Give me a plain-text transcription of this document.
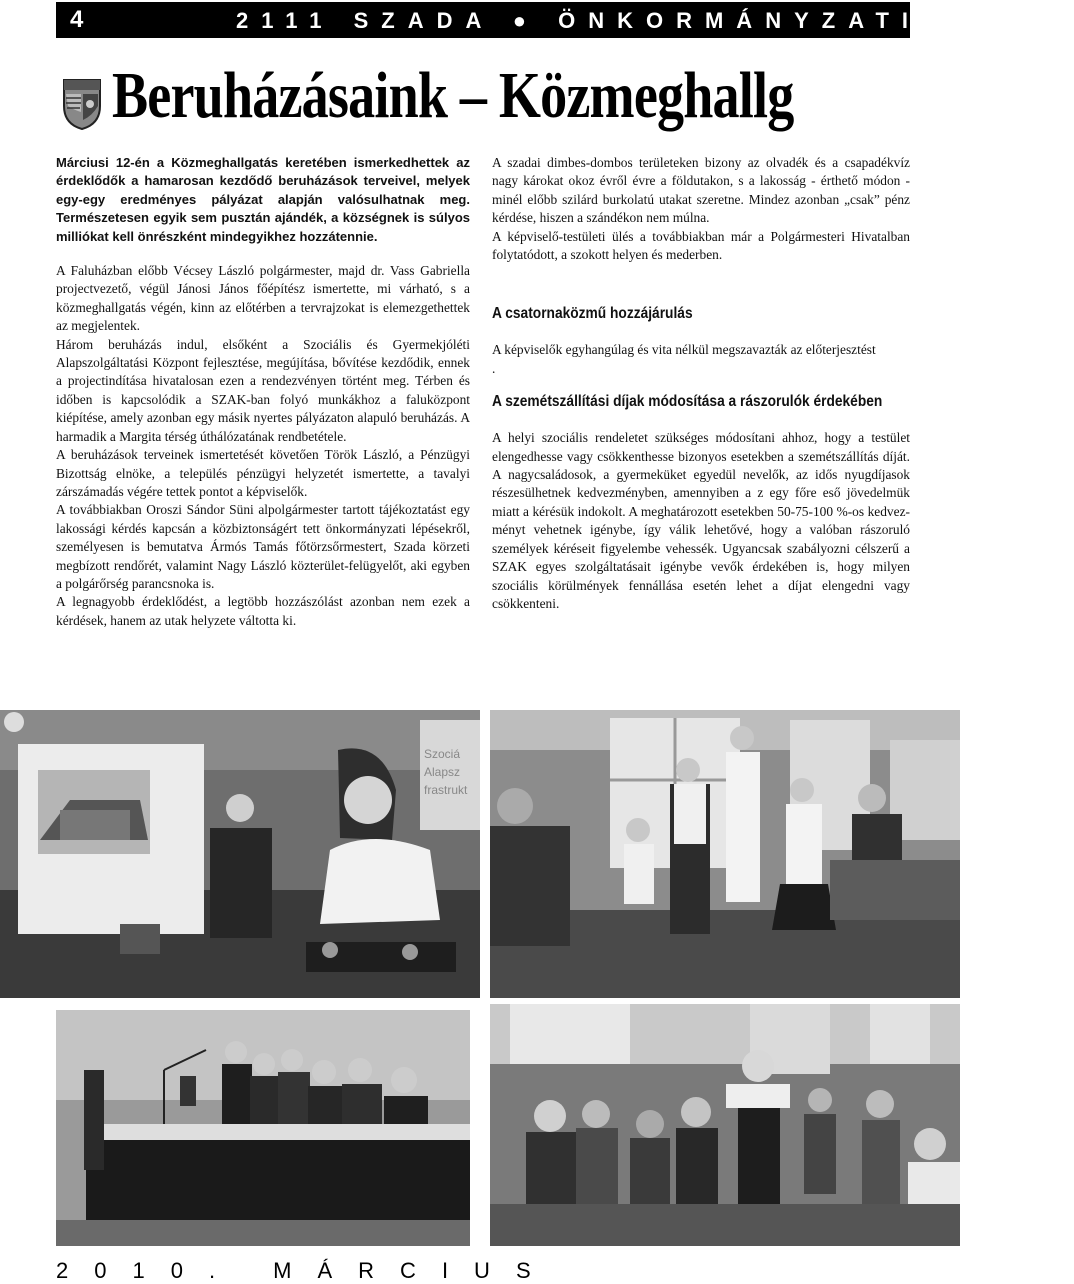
4	2111 SZADA ● ÖNKORMÁNYZATI HÍREK
Beruházásaink – Közmeghallg

Márciusi 12-én a Közmeghallgatás keretében ismerkedhettek az érdeklődők a hamarosan kezdődő beruházások terveivel, melyek egy-egy eredményes pályázat alapján valósulhatnak meg. Természetesen egyik sem pusztán ajándék, a községnek is súlyos milliókat kell önrészként mindegyikhez hozzátennie.

A Faluházban előbb Vécsey László polgármester, majd dr. Vass Gabriella projectvezető, végül Jánosi János főépítész ismertette, mi várható, s a közmeghallgatás végén, kinn az előtérben a tervrajzokat is elemezgethettek az megjelentek.

Három beruházás indul, elsőként a Szociális és Gyermekjóléti Alapszolgáltatási Központ fejlesztése, megújítása, bővítése kezdődik, ennek a projectindítása hivatalosan ezen a rendezvényen történt meg. Térben és időben is kapcsolódik a SZAK-ban folyó munkákhoz a faluközpont kiépítése, amely azonban egy másik nyertes pályázaton alapuló beruházás. A harmadik a Margita térség úthálózatának rendbetétele.

A beruházások terveinek ismertetését követően Török László, a Pénzügyi Bizottság elnöke, a település pénzügyi helyzetét ismertette, a tavalyi zárszámadás végére tettek pontot a képviselők.

A továbbiakban Oroszi Sándor Süni alpolgármester tartott tájékoztatást egy lakossági kérdés kapcsán a közbiztonságért tett önkormányzati lépésekről, személyesen is bemutatva Ármós Tamás főtörzsőrmestert, Szada körzeti megbízott rendőrét, valamint Nagy László közterület-felügyelőt, aki egyben a polgárőrség parancsnoka is.

A legnagyobb érdeklődést, a legtöbb hozzászólást azonban nem ezek a kérdések, hanem az utak helyzete váltotta ki.

A szadai dimbes-dombos területeken bizony az olvadék és a csapadékvíz nagy károkat okoz évről évre a földutakon, s a lakosság - érthető módon - minél előbb szilárd burkolatú utakat szeretne. Mindez azonban „csak” pénz kérdése, hiszen a szándékon nem múlna.

A képviselő-testületi ülés a továbbiakban már a Polgármesteri Hivatalban folytatódott, a szokott helyen és mederben.

A csatornaközmű hozzájárulás

A képviselők egyhangúlag és vita nélkül megszavazták az előterjesztést

.

A szemétszállítási díjak módosítása a rászorulók érdekében

A helyi szociális rendeletet szükséges módosítani ahhoz, hogy a testület elengedhesse vagy csökkenthesse bizonyos esetekben a szemétszállítás díját. A nagycsaládosok, a gyermeküket egyedül nevelők, az idős nyugdíjasok részesülhetnek kedvezményben, amennyiben a z egy főre eső jövedelmük miatt a kérésük indokolt. A meghatározott esetekben 50-75-100 %-os kedvezményt vehetnek igénybe, így válik lehetővé, hogy a valóban rászoruló személyek kéréseit figyelembe vehessék. Ugyancsak szabályozni célszerű a SZAK egyes szolgáltatásait igénybe vevők érdekében is, hogy milyen szociális körülmények fennállása esetén lehet a díjat elengedni vagy csökkenteni.

Szociá
Alapsz
frastrukt
2010. MÁRCIUS
